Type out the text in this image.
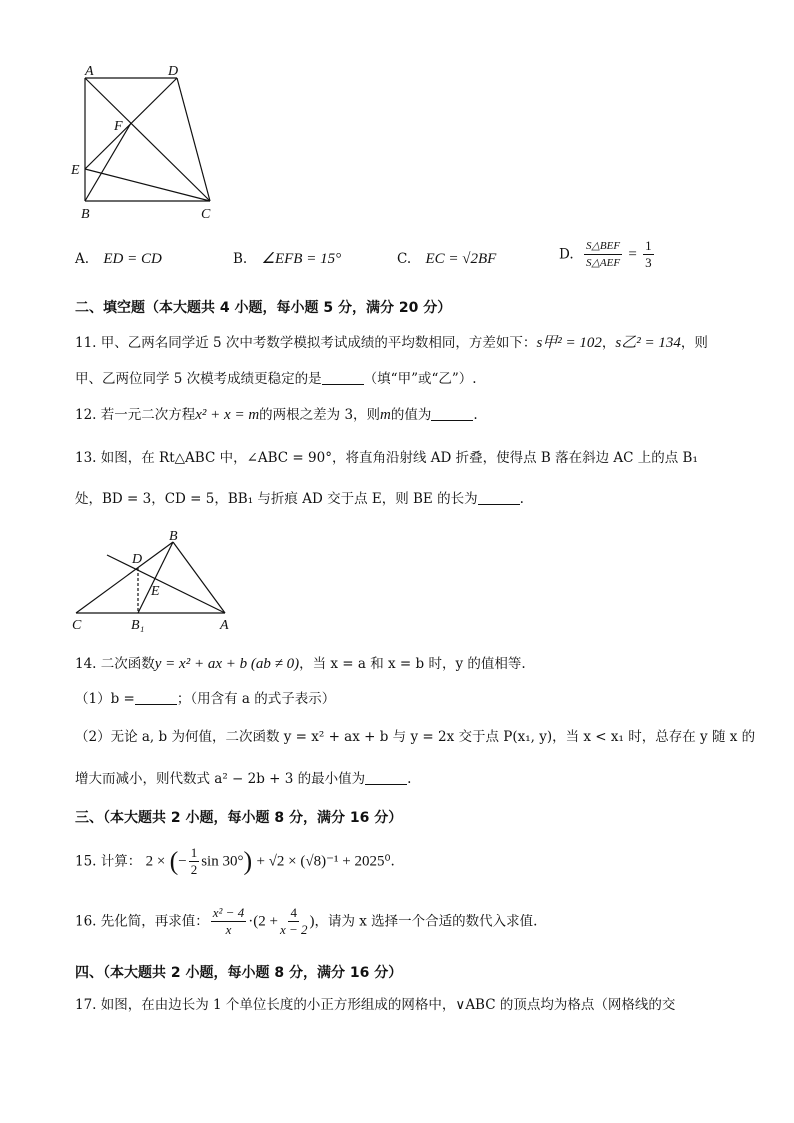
A	D
F
E
B	C
A. ED = CD	B. ∠EFB = 15°	C. EC = √2BF	D. $\frac{\text{S△BEF}}{\text{S△AEF}} = \frac{1}{3}$
二、填空题（本大题共 4 小题，每小题 5 分，满分 20 分）
11. 甲、乙两名同学近 5 次中考数学模拟考试成绩的平均数相同，方差如下：s甲² = 102，s乙² = 134，则
甲、乙两位同学 5 次模考成绩更稳定的是	（填“甲”或“乙”）.
12. 若一元二次方程x² + x = m的两根之差为 3，则m的值为	.
13. 如图，在 Rt△ABC 中，∠ABC = 90°，将直角沿射线 AD 折叠，使得点 B 落在斜边 AC 上的点 B₁
处，BD = 3，CD = 5，BB₁ 与折痕 AD 交于点 E，则 BE 的长为	.
B
D
E
C	B₁	A
14. 二次函数y = x² + ax + b (ab ≠ 0)，当 x = a 和 x = b 时，y 的值相等.
（1）b =	；（用含有 a 的式子表示）
（2）无论 a, b 为何值，二次函数 y = x² + ax + b 与 y = 2x 交于点 P(x₁, y)，当 x < x₁ 时，总存在 y 随 x 的
增大而减小，则代数式 a² − 2b + 3 的最小值为	.
三、（本大题共 2 小题，每小题 8 分，满分 16 分）
15. 计算： 2 × (− $\frac{1}{2}$ sin 30°) + √2 × (√8)⁻¹ + 2025⁰.
16. 先化简，再求值： $\frac{\text{x² − 4}}{x} \cdot(2 + \frac{4}{x - 2}$ )，请为 x 选择一个合适的数代入求值.
四、（本大题共 2 小题，每小题 8 分，满分 16 分）
17. 如图，在由边长为 1 个单位长度的小正方形组成的网格中，∨ABC 的顶点均为格点（网格线的交
